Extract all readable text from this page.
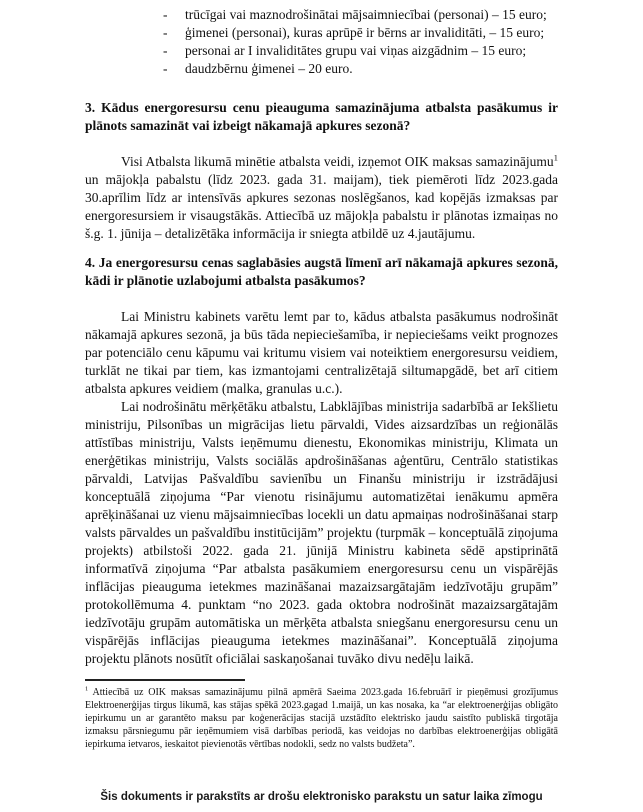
-	trūcīgai vai maznodrošinātai mājsaimniecībai (personai) – 15 euro;
-	ģimenei (personai), kuras aprūpē ir bērns ar invaliditāti, – 15 euro;
-	personai ar I invaliditātes grupu vai viņas aizgādnim – 15 euro;
-	daudzbērnu ģimenei – 20 euro.

3. Kādus energoresursu cenu pieauguma samazinājuma atbalsta pasākumus ir plānots samazināt vai izbeigt nākamajā apkures sezonā?

Visi Atbalsta likumā minētie atbalsta veidi, izņemot OIK maksas samazinājumu$^1$ un mājokļa pabalstu (līdz 2023. gada 31. maijam), tiek piemēroti līdz 2023.gada 30.aprīlim līdz ar intensīvās apkures sezonas noslēgšanos, kad kopējās izmaksas par energoresursiem ir visaugstākās. Attiecībā uz mājokļa pabalstu ir plānotas izmaiņas no š.g. 1. jūnija – detalizētāka informācija ir sniegta atbildē uz 4.jautājumu.

4. Ja energoresursu cenas saglabāsies augstā līmenī arī nākamajā apkures sezonā, kādi ir plānotie uzlabojumi atbalsta pasākumos?

Lai Ministru kabinets varētu lemt par to, kādus atbalsta pasākumus nodrošināt nākamajā apkures sezonā, ja būs tāda nepieciešamība, ir nepieciešams veikt prognozes par potenciālo cenu kāpumu vai kritumu visiem vai noteiktiem energoresursu veidiem, turklāt ne tikai par tiem, kas izmantojami centralizētajā siltumapgādē, bet arī citiem atbalsta apkures veidiem (malka, granulas u.c.).

Lai nodrošinātu mērķētāku atbalstu, Labklājības ministrija sadarbībā ar Iekšlietu ministriju, Pilsonības un migrācijas lietu pārvaldi, Vides aizsardzības un reģionālās attīstības ministriju, Valsts ieņēmumu dienestu, Ekonomikas ministriju, Klimata un enerģētikas ministriju, Valsts sociālās apdrošināšanas aģentūru, Centrālo statistikas pārvaldi, Latvijas Pašvaldību savienību un Finanšu ministriju ir izstrādājusi konceptuālā ziņojuma “Par vienotu risinājumu automatizētai ienākumu apmēra aprēķināšanai uz vienu mājsaimniecības locekli un datu apmaiņas nodrošināšanai starp valsts pārvaldes un pašvaldību institūcijām” projektu (turpmāk – konceptuālā ziņojuma projekts) atbilstoši 2022. gada 21. jūnijā Ministru kabineta sēdē apstiprinātā informatīvā ziņojuma “Par atbalsta pasākumiem energoresursu cenu un vispārējās inflācijas pieauguma ietekmes mazināšanai mazaizsargātajām iedzīvotāju grupām” protokollēmuma 4. punktam “no 2023. gada oktobra nodrošināt mazaizsargātajām iedzīvotāju grupām automātiska un mērķēta atbalsta sniegšanu energoresursu cenu un vispārējās inflācijas pieauguma ietekmes mazināšanai”. Konceptuālā ziņojuma projektu plānots nosūtīt oficiālai saskaņošanai tuvāko divu nedēļu laikā.

$^1$ Attiecībā uz OIK maksas samazinājumu pilnā apmērā Saeima 2023.gada 16.februārī ir pieņēmusi grozījumus Elektroenerģijas tirgus likumā, kas stājas spēkā 2023.gagad 1.maijā, un kas nosaka, ka “ar elektroenerģijas obligāto iepirkumu un ar garantēto maksu par koģenerācijas stacijā uzstādīto elektrisko jaudu saistīto publiskā tirgotāja izmaksu pārsniegumu pār ieņēmumiem visā darbības periodā, kas veidojas no darbības elektroenerģijas obligātā iepirkuma ietvaros, ieskaitot pievienotās vērtības nodokli, sedz no valsts budžeta”.

Šis dokuments ir parakstīts ar drošu elektronisko parakstu un satur laika zīmogu
